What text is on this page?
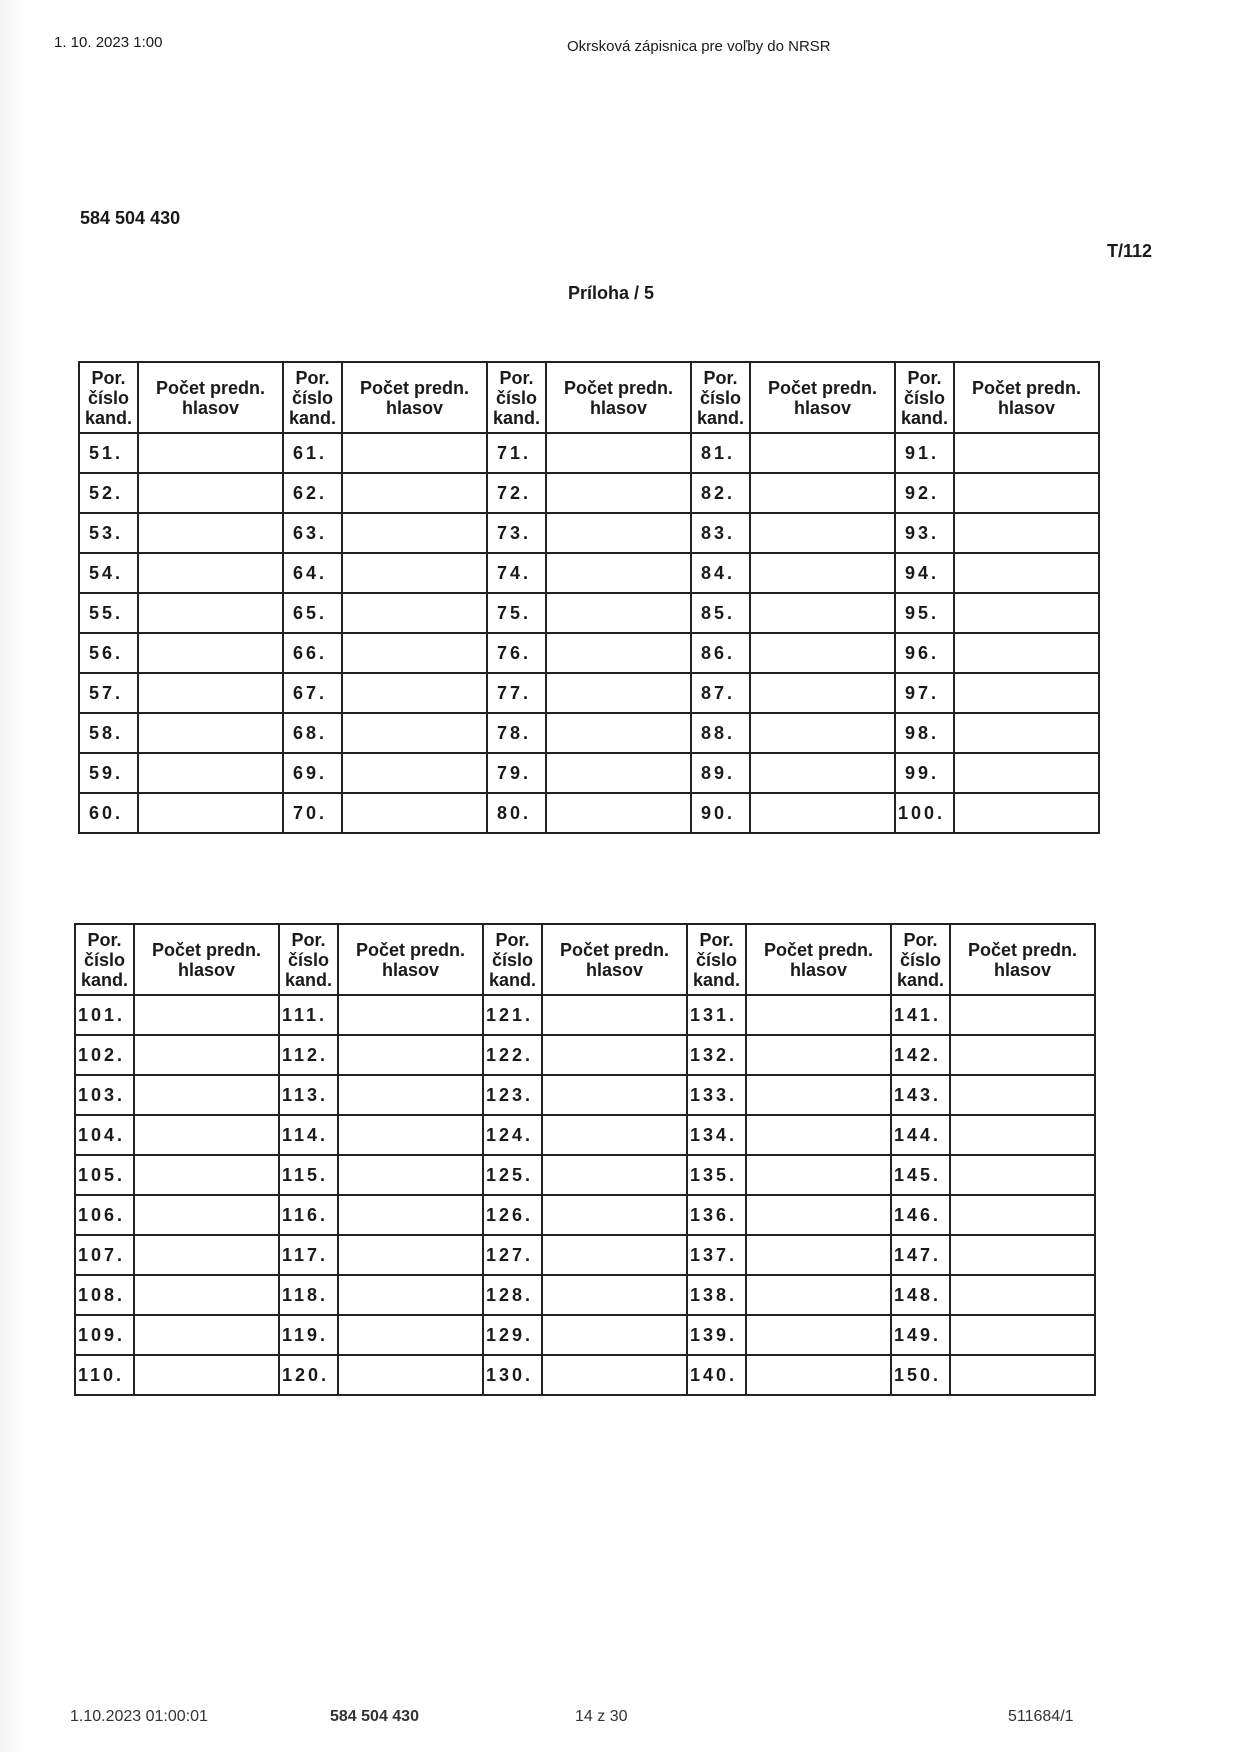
1. 10. 2023 1:00	Okrsková zápisnica pre voľby do NRSR
584 504 430
T/112
Príloha / 5
Por.
číslo
kand.	Počet predn.
hlasov	Por.
číslo
kand.	Počet predn.
hlasov	Por.
číslo
kand.	Počet predn.
hlasov	Por.
číslo
kand.	Počet predn.
hlasov	Por.
číslo
kand.	Počet predn.
hlasov
51.		61.		71.		81.		91.	
52.		62.		72.		82.		92.	
53.		63.		73.		83.		93.	
54.		64.		74.		84.		94.	
55.		65.		75.		85.		95.	
56.		66.		76.		86.		96.	
57.		67.		77.		87.		97.	
58.		68.		78.		88.		98.	
59.		69.		79.		89.		99.	
60.		70.		80.		90.		100.	
Por.
číslo
kand.	Počet predn.
hlasov	Por.
číslo
kand.	Počet predn.
hlasov	Por.
číslo
kand.	Počet predn.
hlasov	Por.
číslo
kand.	Počet predn.
hlasov	Por.
číslo
kand.	Počet predn.
hlasov
101.		111.		121.		131.		141.	
102.		112.		122.		132.		142.	
103.		113.		123.		133.		143.	
104.		114.		124.		134.		144.	
105.		115.		125.		135.		145.	
106.		116.		126.		136.		146.	
107.		117.		127.		137.		147.	
108.		118.		128.		138.		148.	
109.		119.		129.		139.		149.	
110.		120.		130.		140.		150.	
1.10.2023 01:00:01	584 504 430	14 z 30	511684/1
